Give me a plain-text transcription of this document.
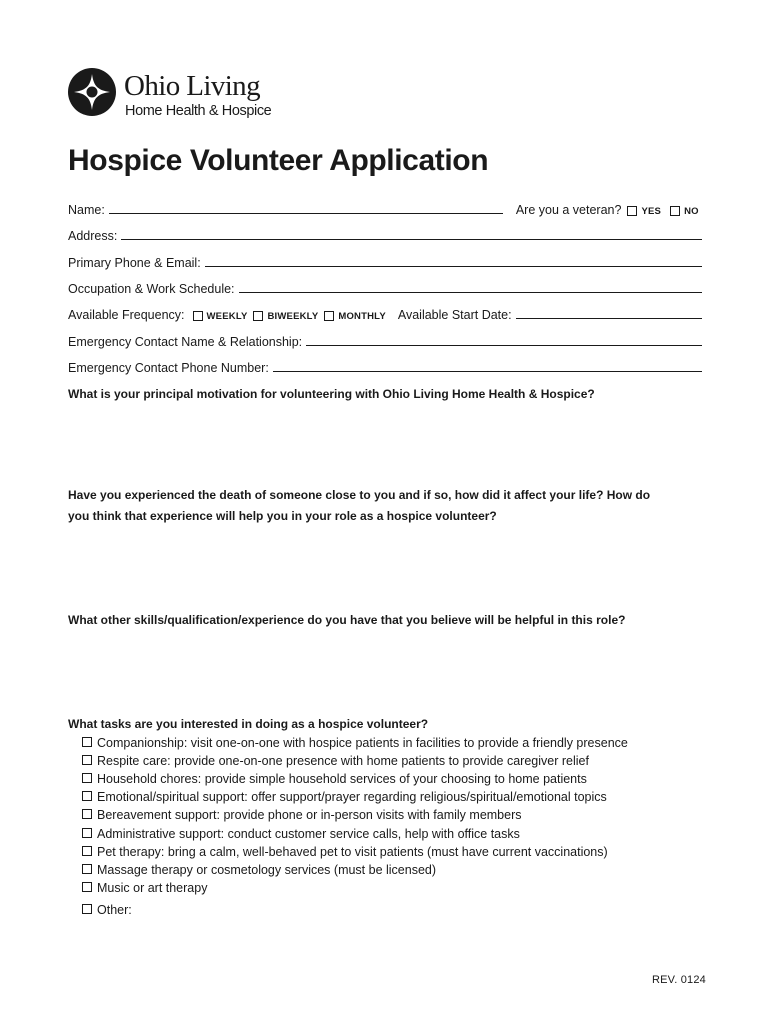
Ohio Living
Home Health & Hospice
Hospice Volunteer Application
Name:	Are you a veteran? YES NO
Address:
Primary Phone & Email:
Occupation & Work Schedule:
Available Frequency: WEEKLY BIWEEKLY MONTHLY Available Start Date:
Emergency Contact Name & Relationship:
Emergency Contact Phone Number:
What is your principal motivation for volunteering with Ohio Living Home Health & Hospice?
Have you experienced the death of someone close to you and if so, how did it affect your life? How do
you think that experience will help you in your role as a hospice volunteer?
What other skills/qualification/experience do you have that you believe will be helpful in this role?
What tasks are you interested in doing as a hospice volunteer?
Companionship: visit one-on-one with hospice patients in facilities to provide a friendly presence
Respite care: provide one-on-one presence with home patients to provide caregiver relief
Household chores: provide simple household services of your choosing to home patients
Emotional/spiritual support: offer support/prayer regarding religious/spiritual/emotional topics
Bereavement support: provide phone or in-person visits with family members
Administrative support: conduct customer service calls, help with office tasks
Pet therapy: bring a calm, well-behaved pet to visit patients (must have current vaccinations)
Massage therapy or cosmetology services (must be licensed)
Music or art therapy
Other:
REV. 0124
